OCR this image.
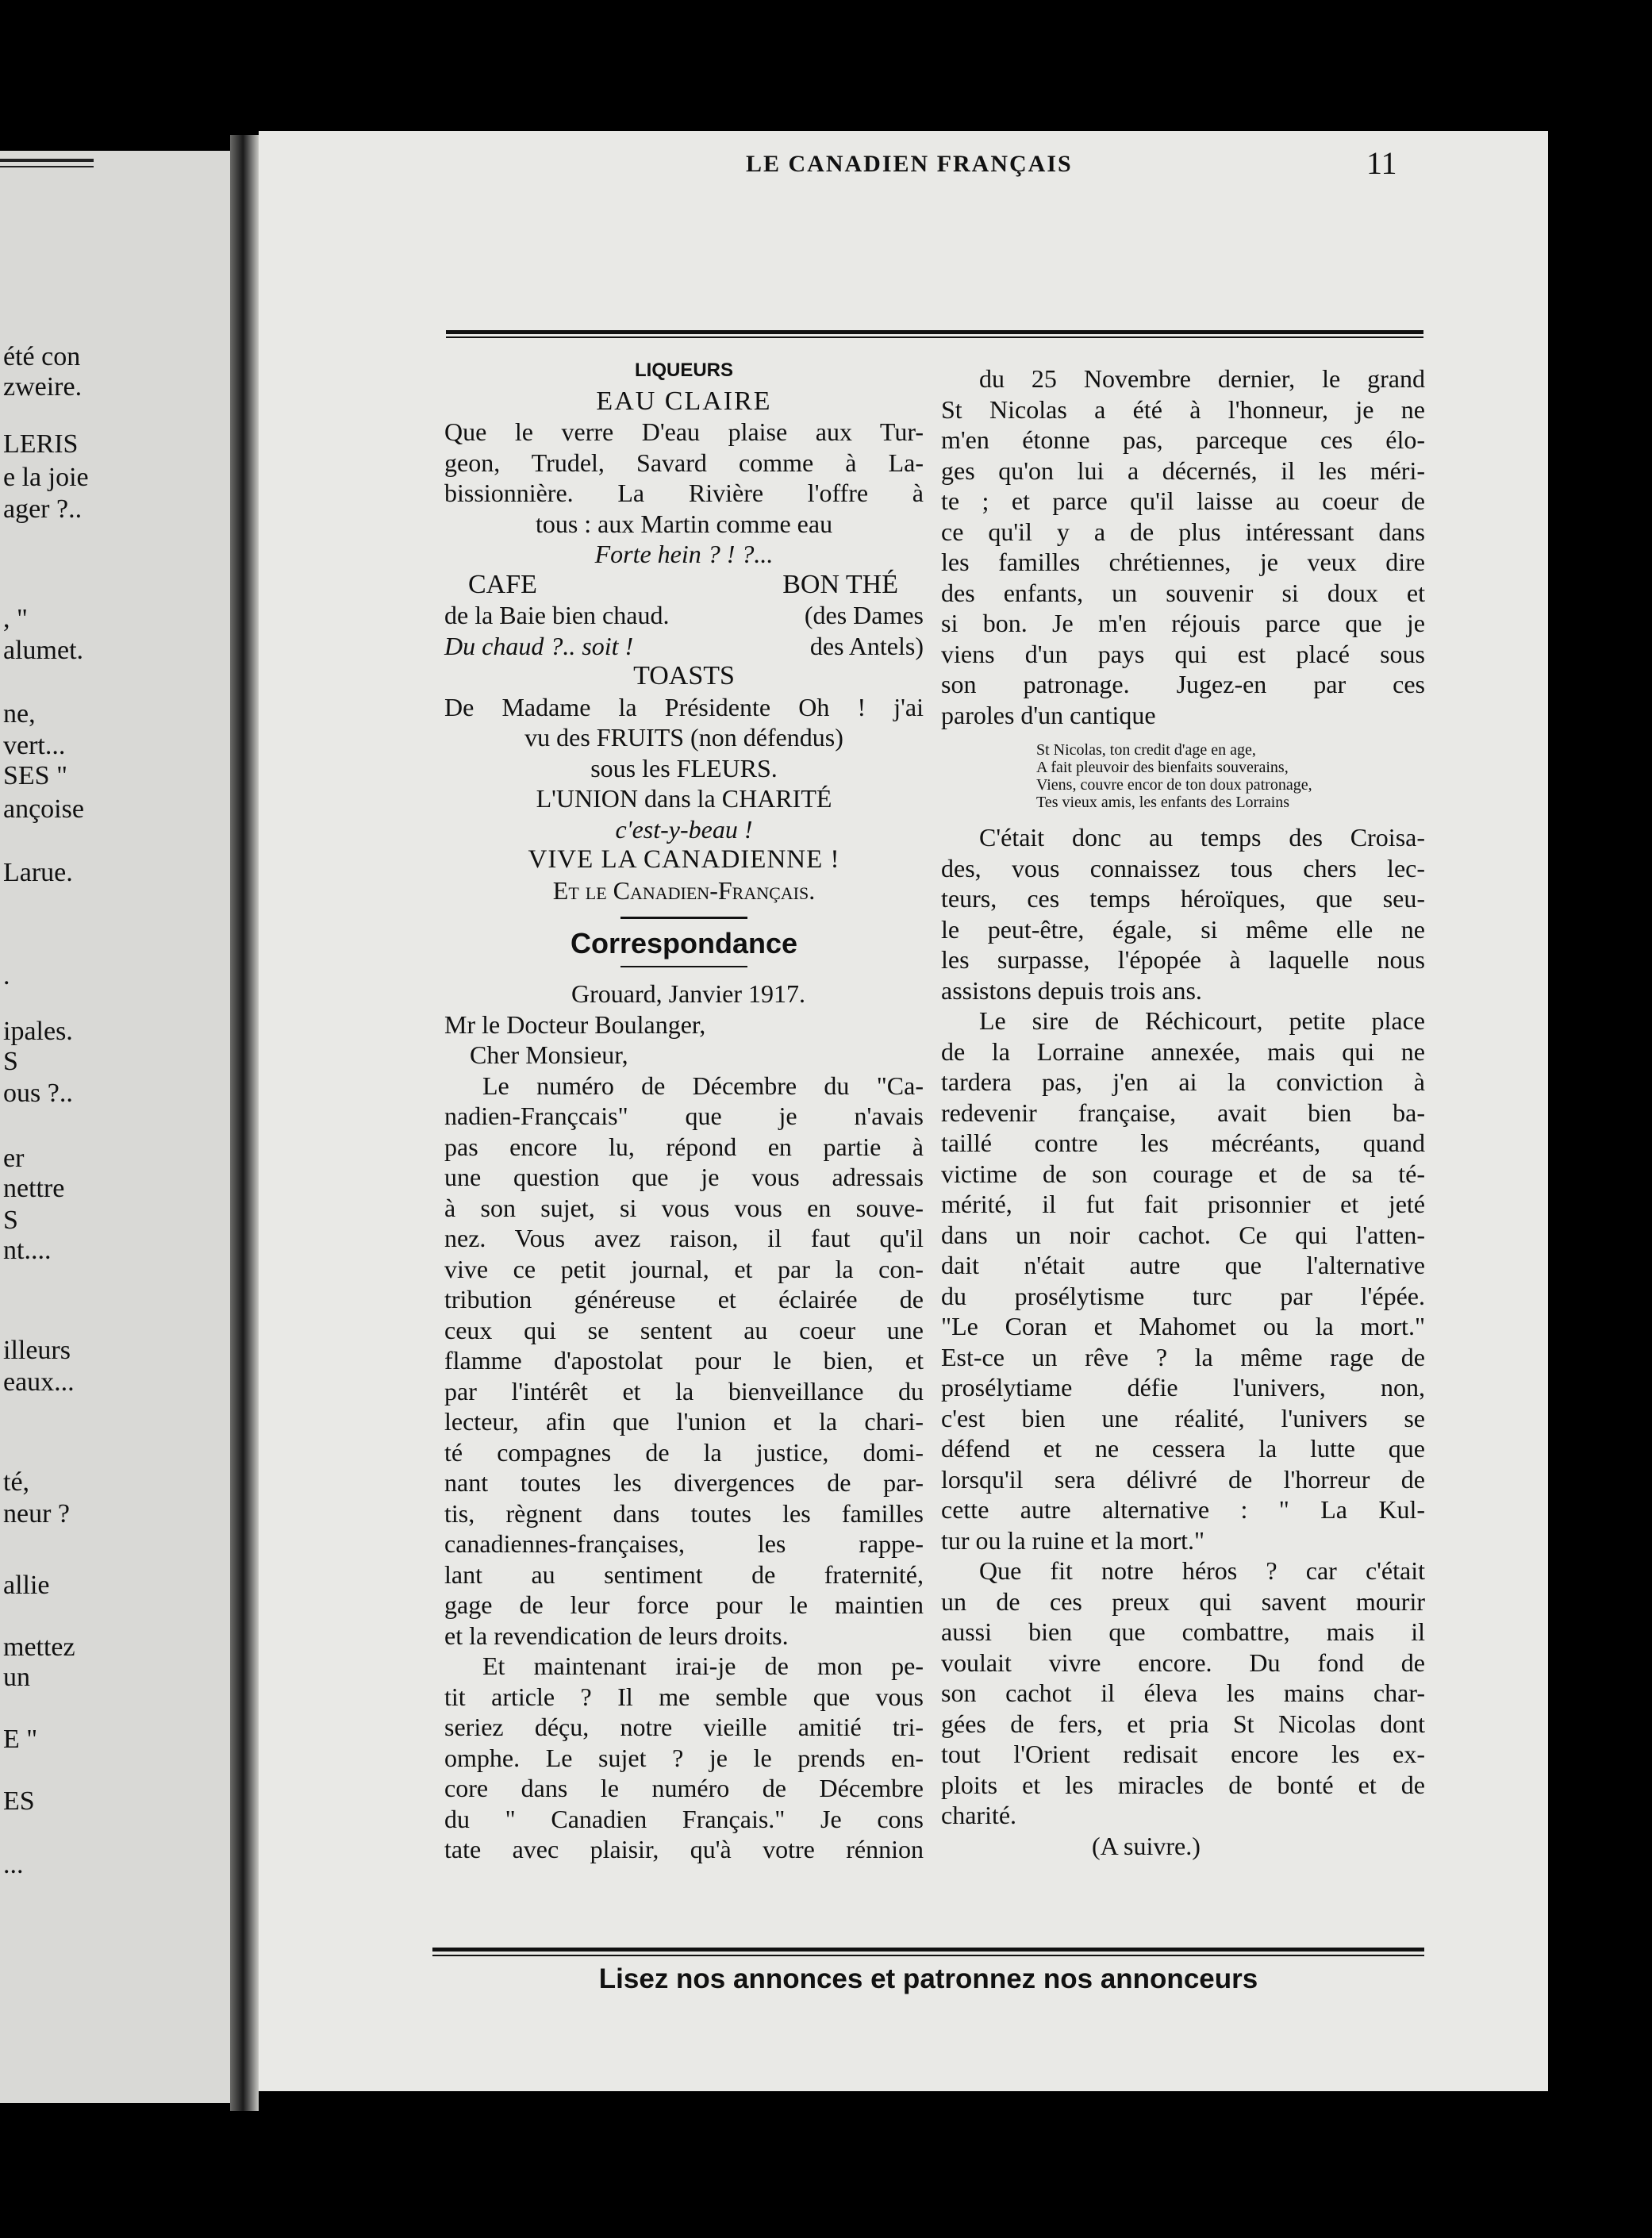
été con
zweire.
LERIS
e la joie
ager ?..
, "
alumet.
ne,
vert...
SES "
ançoise
Larue.
.
ipales.
S
ous ?..
er
nettre
S
nt....
illeurs
eaux...
té,
neur ?
allie
mettez
un
E "
ES
...
LE CANADIEN FRANÇAIS	11
LIQUEURS
EAU CLAIRE
Que le verre D'eau plaise aux Tur-
geon, Trudel, Savard comme à La-
bissionnière. La Rivière l'offre à
tous : aux Martin comme eau
Forte hein ? ! ?...
CAFE	BON THÉ
de la Baie bien chaud.	(des Dames
Du chaud ?.. soit !	des Antels)
TOASTS
De Madame la Présidente Oh ! j'ai
vu des FRUITS (non défendus)
sous les FLEURS.
L'UNION dans la CHARITÉ
c'est-y-beau !
VIVE LA CANADIENNE !
Et le Canadien-Français.
Correspondance
Grouard, Janvier 1917.
Mr le Docteur Boulanger,
Cher Monsieur,
Le numéro de Décembre du "Ca-
nadien-Françcais" que je n'avais
pas encore lu, répond en partie à
une question que je vous adressais
à son sujet, si vous vous en souve-
nez. Vous avez raison, il faut qu'il
vive ce petit journal, et par la con-
tribution généreuse et éclairée de
ceux qui se sentent au coeur une
flamme d'apostolat pour le bien, et
par l'intérêt et la bienveillance du
lecteur, afin que l'union et la chari-
té compagnes de la justice, domi-
nant toutes les divergences de par-
tis, règnent dans toutes les familles
canadiennes-françaises, les rappe-
lant au sentiment de fraternité,
gage de leur force pour le maintien
et la revendication de leurs droits.
Et maintenant irai-je de mon pe-
tit article ? Il me semble que vous
seriez déçu, notre vieille amitié tri-
omphe. Le sujet ? je le prends en-
core dans le numéro de Décembre
du " Canadien Français." Je cons
tate avec plaisir, qu'à votre rénnion
du 25 Novembre dernier, le grand
St Nicolas a été à l'honneur, je ne
m'en étonne pas, parceque ces élo-
ges qu'on lui a décernés, il les méri-
te ; et parce qu'il laisse au coeur de
ce qu'il y a de plus intéressant dans
les familles chrétiennes, je veux dire
des enfants, un souvenir si doux et
si bon. Je m'en réjouis parce que je
viens d'un pays qui est placé sous
son patronage. Jugez-en par ces
paroles d'un cantique
St Nicolas, ton credit d'age en age,
A fait pleuvoir des bienfaits souverains,
Viens, couvre encor de ton doux patronage,
Tes vieux amis, les enfants des Lorrains
C'était donc au temps des Croisa-
des, vous connaissez tous chers lec-
teurs, ces temps héroïques, que seu-
le peut-être, égale, si même elle ne
les surpasse, l'épopée à laquelle nous
assistons depuis trois ans.
Le sire de Réchicourt, petite place
de la Lorraine annexée, mais qui ne
tardera pas, j'en ai la conviction à
redevenir française, avait bien ba-
taillé contre les mécréants, quand
victime de son courage et de sa té-
mérité, il fut fait prisonnier et jeté
dans un noir cachot. Ce qui l'atten-
dait n'était autre que l'alternative
du prosélytisme turc par l'épée.
"Le Coran et Mahomet ou la mort."
Est-ce un rêve ? la même rage de
prosélytiame défie l'univers, non,
c'est bien une réalité, l'univers se
défend et ne cessera la lutte que
lorsqu'il sera délivré de l'horreur de
cette autre alternative : " La Kul-
tur ou la ruine et la mort."
Que fit notre héros ? car c'était
un de ces preux qui savent mourir
aussi bien que combattre, mais il
voulait vivre encore. Du fond de
son cachot il éleva les mains char-
gées de fers, et pria St Nicolas dont
tout l'Orient redisait encore les ex-
ploits et les miracles de bonté et de
charité.
(A suivre.)
Lisez nos annonces et patronnez nos annonceurs
